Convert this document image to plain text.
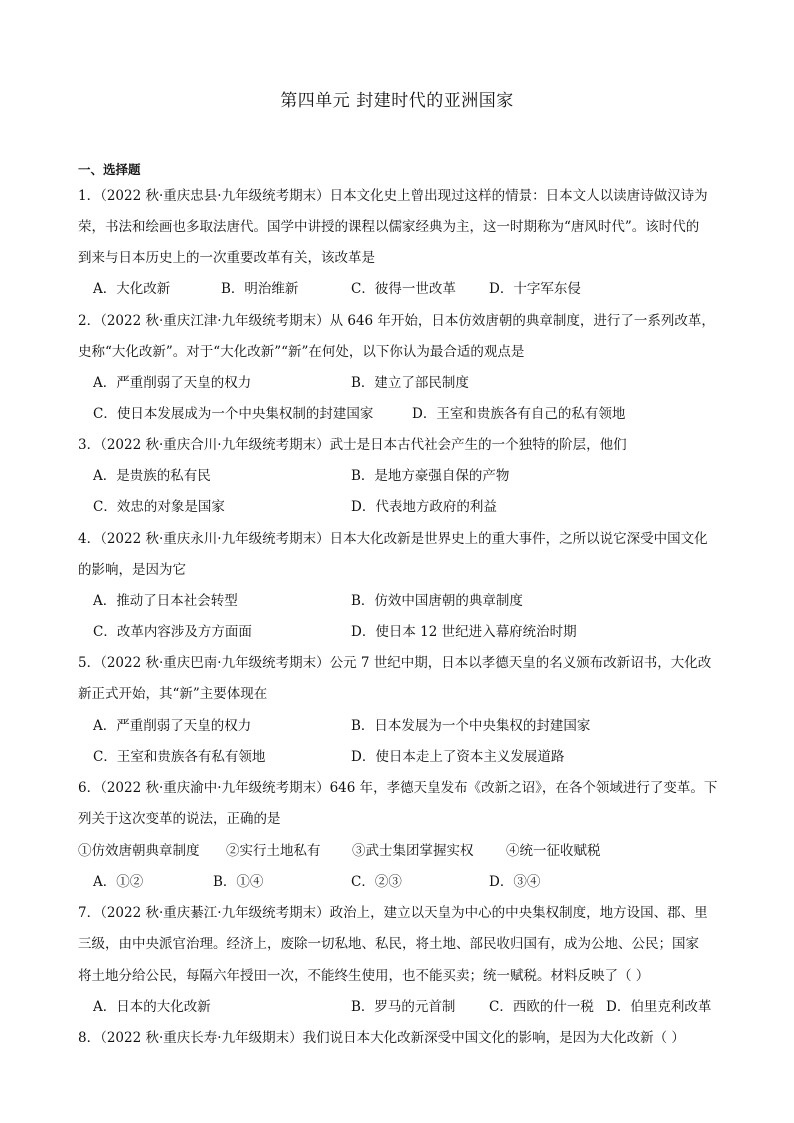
第四单元 封建时代的亚洲国家
一、选择题
1．（2022 秋·重庆忠县·九年级统考期末）日本文化史上曾出现过这样的情景：日本文人以读唐诗做汉诗为
荣，书法和绘画也多取法唐代。国学中讲授的课程以儒家经典为主，这一时期称为“唐风时代”。该时代的
到来与日本历史上的一次重要改革有关，该改革是
A．大化改新	B．明治维新	C．彼得一世改革 D．十字军东侵
2．（2022 秋·重庆江津·九年级统考期末）从 646 年开始，日本仿效唐朝的典章制度，进行了一系列改革，
史称“大化改新”。对于“大化改新”“新”在何处，以下你认为最合适的观点是
A．严重削弱了天皇的权力	B．建立了部民制度
C．使日本发展成为一个中央集权制的封建国家	D．王室和贵族各有自己的私有领地
3．（2022 秋·重庆合川·九年级统考期末）武士是日本古代社会产生的一个独特的阶层，他们
A．是贵族的私有民	B．是地方豪强自保的产物
C．效忠的对象是国家	D．代表地方政府的利益
4．（2022 秋·重庆永川·九年级统考期末）日本大化改新是世界史上的重大事件，之所以说它深受中国文化
的影响，是因为它
A．推动了日本社会转型	B．仿效中国唐朝的典章制度
C．改革内容涉及方方面面	D．使日本 12 世纪进入幕府统治时期
5．（2022 秋·重庆巴南·九年级统考期末）公元 7 世纪中期，日本以孝德天皇的名义颁布改新诏书，大化改
新正式开始，其“新”主要体现在
A．严重削弱了天皇的权力	B．日本发展为一个中央集权的封建国家
C．王室和贵族各有私有领地	D．使日本走上了资本主义发展道路
6．（2022 秋·重庆渝中·九年级统考期末）646 年，孝德天皇发布《改新之诏》，在各个领域进行了变革。下
列关于这次变革的说法，正确的是
①仿效唐朝典章制度 ②实行土地私有 ③武士集团掌握实权 ④统一征收赋税
A．①②	B．①④	C．②③	D．③④
7．（2022 秋·重庆綦江·九年级统考期末）政治上，建立以天皇为中心的中央集权制度，地方设国、郡、里
三级，由中央派官治理。经济上，废除一切私地、私民，将土地、部民收归国有，成为公地、公民；国家
将土地分给公民，每隔六年授田一次，不能终生使用，也不能买卖；统一赋税。材料反映了（ ）
A．日本的大化改新	B．罗马的元首制 C．西欧的什一税 D．伯里克利改革
8．（2022 秋·重庆长寿·九年级期末）我们说日本大化改新深受中国文化的影响，是因为大化改新（ ）
